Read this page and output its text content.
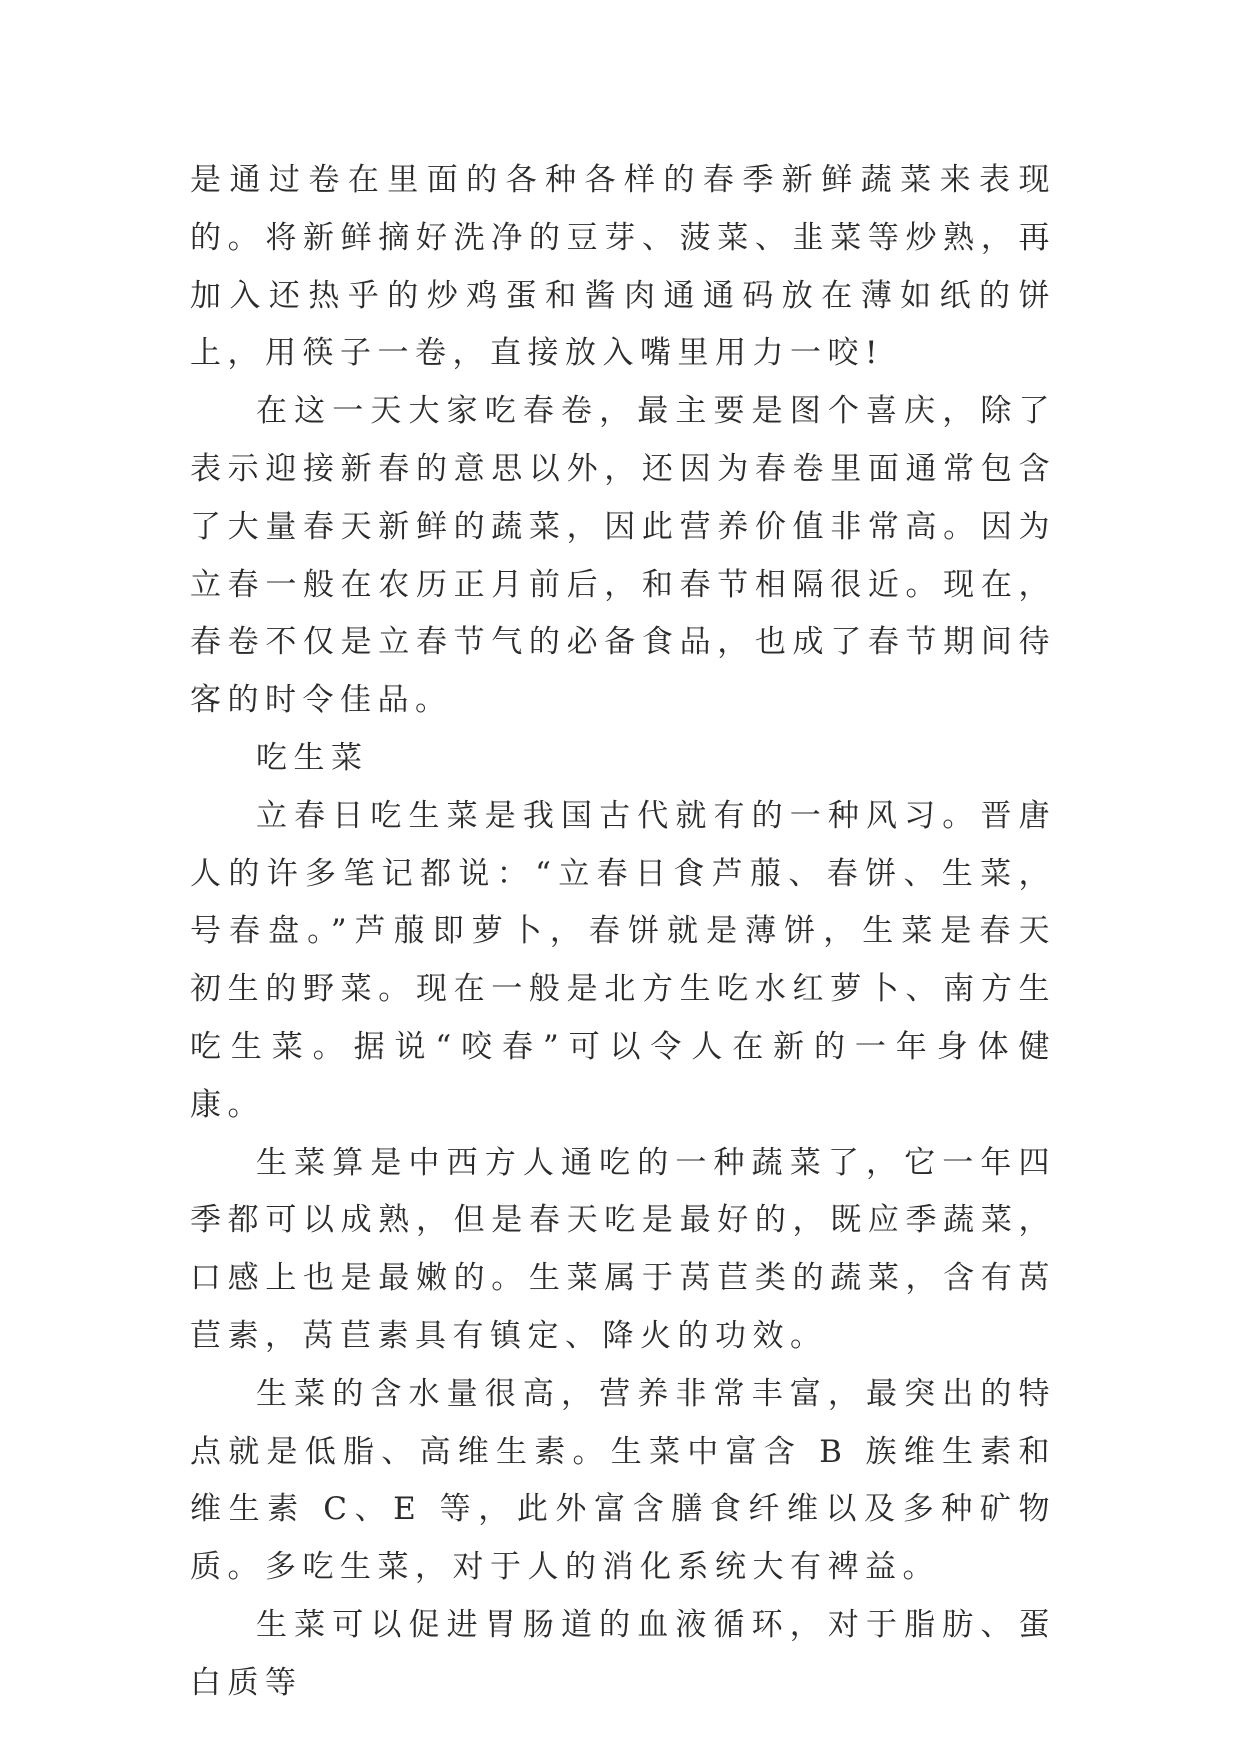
是通过卷在里面的各种各样的春季新鲜蔬菜来表现的。将新鲜摘好洗净的豆芽、菠菜、韭菜等炒熟，再加入还热乎的炒鸡蛋和酱肉通通码放在薄如纸的饼上，用筷子一卷，直接放入嘴里用力一咬!

在这一天大家吃春卷，最主要是图个喜庆，除了表示迎接新春的意思以外，还因为春卷里面通常包含了大量春天新鲜的蔬菜，因此营养价值非常高。因为立春一般在农历正月前后，和春节相隔很近。现在，春卷不仅是立春节气的必备食品，也成了春节期间待客的时令佳品。

吃生菜

立春日吃生菜是我国古代就有的一种风习。晋唐人的许多笔记都说：“立春日食芦菔、春饼、生菜，号春盘。”芦菔即萝卜，春饼就是薄饼，生菜是春天初生的野菜。现在一般是北方生吃水红萝卜、南方生吃生菜。据说“咬春”可以令人在新的一年身体健康。

生菜算是中西方人通吃的一种蔬菜了，它一年四季都可以成熟，但是春天吃是最好的，既应季蔬菜，口感上也是最嫩的。生菜属于莴苣类的蔬菜，含有莴苣素，莴苣素具有镇定、降火的功效。

生菜的含水量很高，营养非常丰富，最突出的特点就是低脂、高维生素。生菜中富含 B 族维生素和维生素 C、E 等，此外富含膳食纤维以及多种矿物质。多吃生菜，对于人的消化系统大有裨益。

生菜可以促进胃肠道的血液循环，对于脂肪、蛋白质等
